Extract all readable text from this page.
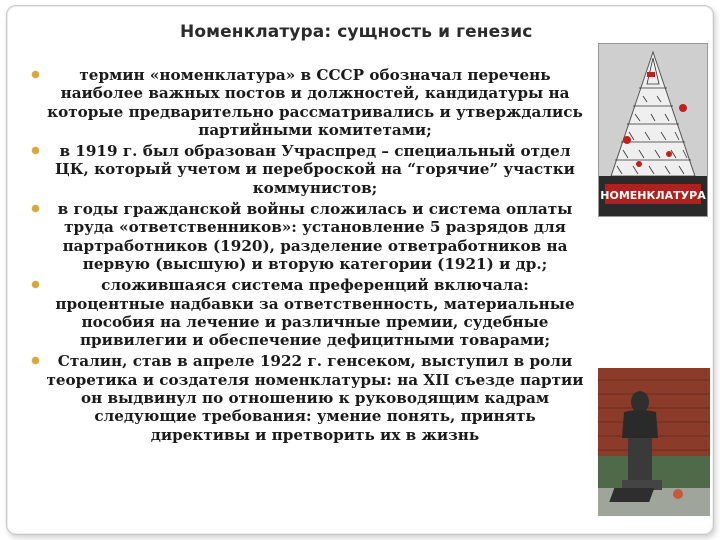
Номенклатура: сущность и генезис
термин «номенклатура» в СССР обозначал перечень наиболее важных постов и должностей, кандидатуры на которые предварительно рассматривались и утверждались партийными комитетами;
в 1919 г. был образован Учраспред – специальный отдел ЦК, который учетом и переброской на “горячие” участки коммунистов;
в годы гражданской войны сложилась и система оплаты труда «ответственников»: установление 5 разрядов для партработников (1920), разделение ответработников на первую (высшую) и вторую категории (1921) и др.;
сложившаяся система преференций включала: процентные надбавки за ответственность, материальные пособия на лечение и различные премии, судебные привилегии и обеспечение дефицитными товарами;
Сталин, став в апреле 1922 г. генсеком, выступил в роли теоретика и создателя номенклатуры: на XII съезде партии он выдвинул по отношению к руководящим кадрам следующие требования: умение понять, принять директивы и претворить их в жизнь
НОМЕНКЛАТУРА
